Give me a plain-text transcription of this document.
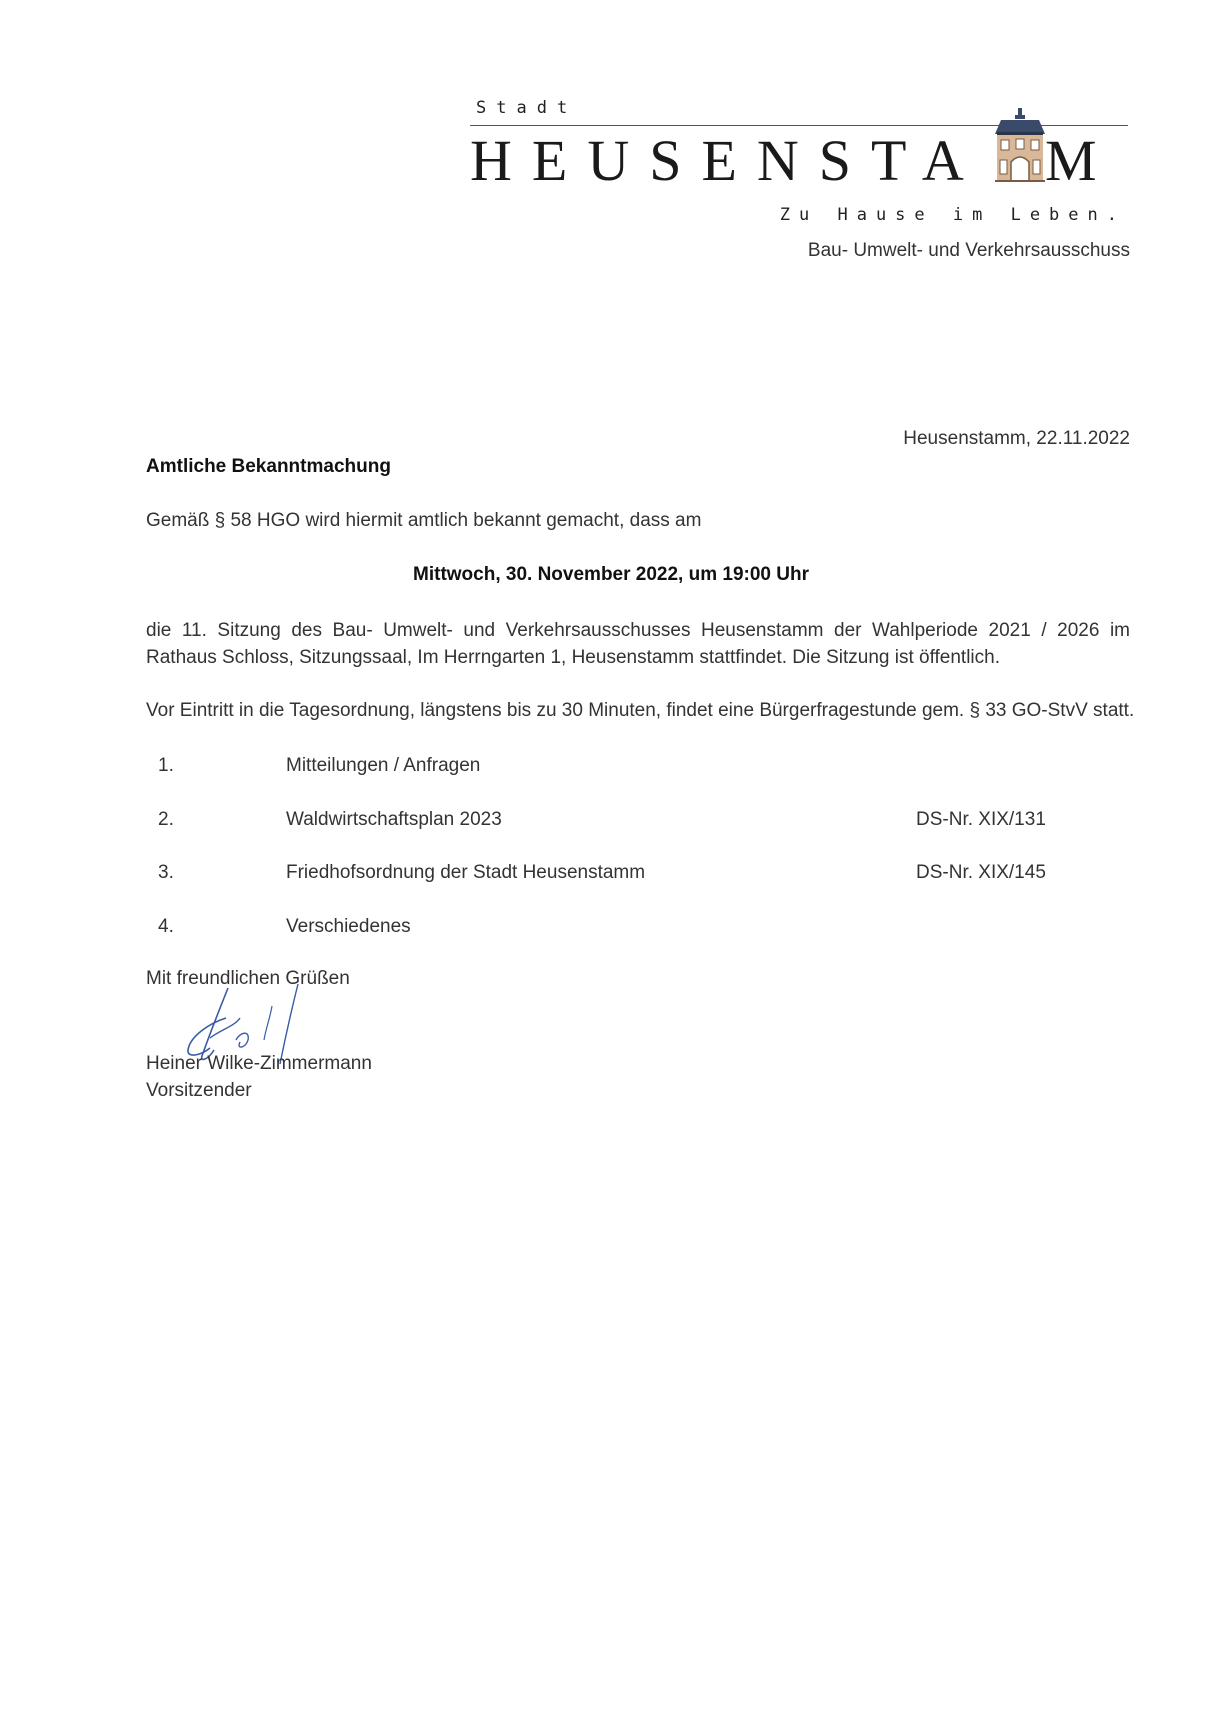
Stadt
HEUSENSTA M
Zu Hause im Leben.
Bau- Umwelt- und Verkehrsausschuss
Heusenstamm, 22.11.2022
Amtliche Bekanntmachung
Gemäß § 58 HGO wird hiermit amtlich bekannt gemacht, dass am
Mittwoch, 30. November 2022, um 19:00 Uhr
die 11. Sitzung des Bau- Umwelt- und Verkehrsausschusses Heusenstamm der Wahlperiode 2021 / 2026 im Rathaus Schloss, Sitzungssaal, Im Herrngarten 1, Heusenstamm stattfindet. Die Sitzung ist öffentlich.
Vor Eintritt in die Tagesordnung, längstens bis zu 30 Minuten, findet eine Bürgerfragestunde gem. § 33 GO-StvV statt.
1.	Mitteilungen / Anfragen
2.	Waldwirtschaftsplan 2023	DS-Nr. XIX/131
3.	Friedhofsordnung der Stadt Heusenstamm	DS-Nr. XIX/145
4.	Verschiedenes
Mit freundlichen Grüßen
Heiner Wilke-Zimmermann
Vorsitzender
